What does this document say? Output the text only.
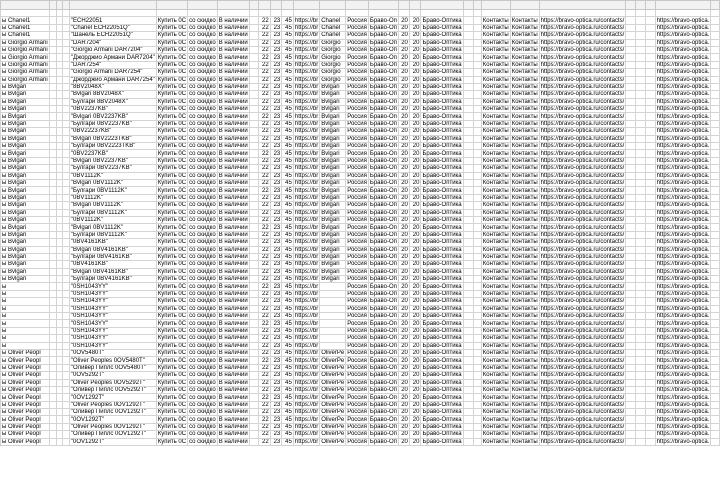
ы Chanel1				"ECH22051	Купить 0С	со скидко	В наличии		22	23	45	https://br	Chanel	Россия	Браво-Оп	20	20	Браво-Оптика			Контакты	Контакты	https://bravo-optica.ru/contacts/				https://bravo-optica.	
ы Chanel1				"Chanel ECH22051Q"	Купить 0С	со скидко	В наличии		22	23	45	https://br	Chanel	Россия	Браво-Оп	20	20	Браво-Оптика			Контакты	Контакты	https://bravo-optica.ru/contacts/				https://bravo-optica.	
ы Chanel1				"Шанель ECH22051Q"	Купить 0С	со скидко	В наличии		22	23	45	https://br	Chanel	Россия	Браво-Оп	20	20	Браво-Оптика			Контакты	Контакты	https://bravo-optica.ru/contacts/				https://bravo-optica.	
ы Giorgio Armani				"DAR7204"	Купить 0С	со скидко	В наличии		22	23	45	https://br	Giorgio	Россия	Браво-Оп	20	20	Браво-Оптика			Контакты	Контакты	https://bravo-optica.ru/contacts/				https://bravo-optica.	
ы Giorgio Armani				"Giorgio Armani DAR7204"	Купить 0С	со скидко	В наличии		22	23	45	https://br	Giorgio	Россия	Браво-Оп	20	20	Браво-Оптика			Контакты	Контакты	https://bravo-optica.ru/contacts/				https://bravo-optica.	
ы Giorgio Armani				"Джорджио Армани DAR7204"	Купить 0С	со скидко	В наличии		22	23	45	https://br	Giorgio	Россия	Браво-Оп	20	20	Браво-Оптика			Контакты	Контакты	https://bravo-optica.ru/contacts/				https://bravo-optica.	
ы Giorgio Armani				"DAR7254"	Купить 0С	со скидко	В наличии		22	23	45	https://br	Giorgio	Россия	Браво-Оп	20	20	Браво-Оптика			Контакты	Контакты	https://bravo-optica.ru/contacts/				https://bravo-optica.	
ы Giorgio Armani				"Giorgio Armani DAR7254"	Купить 0С	со скидко	В наличии		22	23	45	https://br	Giorgio	Россия	Браво-Оп	20	20	Браво-Оптика			Контакты	Контакты	https://bravo-optica.ru/contacts/				https://bravo-optica.	
ы Giorgio Armani				"Джорджио Армани DAR7254"	Купить 0С	со скидко	В наличии		22	23	45	https://br	Giorgio	Россия	Браво-Оп	20	20	Браво-Оптика			Контакты	Контакты	https://bravo-optica.ru/contacts/				https://bravo-optica.	
ы Bvlgari				"8BV2048X"	Купить 0С	со скидко	В наличии		22	23	45	https://br	Bvlgari	Россия	Браво-Оп	20	20	Браво-Оптика			Контакты	Контакты	https://bravo-optica.ru/contacts/				https://bravo-optica.	
ы Bvlgari				"Bvlgari 8BV2048X"	Купить 0С	со скидко	В наличии		22	23	45	https://br	Bvlgari	Россия	Браво-Оп	20	20	Браво-Оптика			Контакты	Контакты	https://bravo-optica.ru/contacts/				https://bravo-optica.	
ы Bvlgari				"Булгари 8BV2048X"	Купить 0С	со скидко	В наличии		22	23	45	https://br	Bvlgari	Россия	Браво-Оп	20	20	Браво-Оптика			Контакты	Контакты	https://bravo-optica.ru/contacts/				https://bravo-optica.	
ы Bvlgari				"0BV2237KB"	Купить 0С	со скидко	В наличии		22	23	45	https://br	Bvlgari	Россия	Браво-Оп	20	20	Браво-Оптика			Контакты	Контакты	https://bravo-optica.ru/contacts/				https://bravo-optica.	
ы Bvlgari				"Bvlgari 0BV2237KB"	Купить 0С	со скидко	В наличии		22	23	45	https://br	Bvlgari	Россия	Браво-Оп	20	20	Браво-Оптика			Контакты	Контакты	https://bravo-optica.ru/contacts/				https://bravo-optica.	
ы Bvlgari				"Булгари 0BV2237KB"	Купить 0С	со скидко	В наличии		22	23	45	https://br	Bvlgari	Россия	Браво-Оп	20	20	Браво-Оптика			Контакты	Контакты	https://bravo-optica.ru/contacts/				https://bravo-optica.	
ы Bvlgari				"0BV22237KB"	Купить 0С	со скидко	В наличии		22	23	45	https://br	Bvlgari	Россия	Браво-Оп	20	20	Браво-Оптика			Контакты	Контакты	https://bravo-optica.ru/contacts/				https://bravo-optica.	
ы Bvlgari				"Bvlgari 0BV2223TKB"	Купить 0С	со скидко	В наличии		22	23	45	https://br	Bvlgari	Россия	Браво-Оп	20	20	Браво-Оптика			Контакты	Контакты	https://bravo-optica.ru/contacts/				https://bravo-optica.	
ы Bvlgari				"Булгари 0BV2223TKB"	Купить 0С	со скидко	В наличии		22	23	45	https://br	Bvlgari	Россия	Браво-Оп	20	20	Браво-Оптика			Контакты	Контакты	https://bravo-optica.ru/contacts/				https://bravo-optica.	
ы Bvlgari				"0BV2237KB"	Купить 0С	со скидко	В наличии		22	23	45	https://br	Bvlgari	Россия	Браво-Оп	20	20	Браво-Оптика			Контакты	Контакты	https://bravo-optica.ru/contacts/				https://bravo-optica.	
ы Bvlgari				"Bvlgari 0BV2237KB"	Купить 0С	со скидко	В наличии		22	23	45	https://br	Bvlgari	Россия	Браво-Оп	20	20	Браво-Оптика			Контакты	Контакты	https://bravo-optica.ru/contacts/				https://bravo-optica.	
ы Bvlgari				"Булгари 0BV2237KB"	Купить 0С	со скидко	В наличии		22	23	45	https://br	Bvlgari	Россия	Браво-Оп	20	20	Браво-Оптика			Контакты	Контакты	https://bravo-optica.ru/contacts/				https://bravo-optica.	
ы Bvlgari				"0BV1112K"	Купить 0С	со скидко	В наличии		22	23	45	https://br	Bvlgari	Россия	Браво-Оп	20	20	Браво-Оптика			Контакты	Контакты	https://bravo-optica.ru/contacts/				https://bravo-optica.	
ы Bvlgari				"Bvlgari 0BV1112K"	Купить 0С	со скидко	В наличии		22	23	45	https://br	Bvlgari	Россия	Браво-Оп	20	20	Браво-Оптика			Контакты	Контакты	https://bravo-optica.ru/contacts/				https://bravo-optica.	
ы Bvlgari				"Булгари 0BV1112K"	Купить 0С	со скидко	В наличии		22	23	45	https://br	Bvlgari	Россия	Браво-Оп	20	20	Браво-Оптика			Контакты	Контакты	https://bravo-optica.ru/contacts/				https://bravo-optica.	
ы Bvlgari				"0BV1112K"	Купить 0С	со скидко	В наличии		22	23	45	https://br	Bvlgari	Россия	Браво-Оп	20	20	Браво-Оптика			Контакты	Контакты	https://bravo-optica.ru/contacts/				https://bravo-optica.	
ы Bvlgari				"Bvlgari 0BV1112K"	Купить 0С	со скидко	В наличии		22	23	45	https://br	Bvlgari	Россия	Браво-Оп	20	20	Браво-Оптика			Контакты	Контакты	https://bravo-optica.ru/contacts/				https://bravo-optica.	
ы Bvlgari				"Булгари 0BV1112K"	Купить 0С	со скидко	В наличии		22	23	45	https://br	Bvlgari	Россия	Браво-Оп	20	20	Браво-Оптика			Контакты	Контакты	https://bravo-optica.ru/contacts/				https://bravo-optica.	
ы Bvlgari				"0BV1112K"	Купить 0С	со скидко	В наличии		22	23	45	https://br	Bvlgari	Россия	Браво-Оп	20	20	Браво-Оптика			Контакты	Контакты	https://bravo-optica.ru/contacts/				https://bravo-optica.	
ы Bvlgari				"Bvlgari 0BV1112K"	Купить 0С	со скидко	В наличии		22	23	45	https://br	Bvlgari	Россия	Браво-Оп	20	20	Браво-Оптика			Контакты	Контакты	https://bravo-optica.ru/contacts/				https://bravo-optica.	
ы Bvlgari				"Булгари 0BV1112K"	Купить 0С	со скидко	В наличии		22	23	45	https://br	Bvlgari	Россия	Браво-Оп	20	20	Браво-Оптика			Контакты	Контакты	https://bravo-optica.ru/contacts/				https://bravo-optica.	
ы Bvlgari				"0BV4161KB"	Купить 0С	со скидко	В наличии		22	23	45	https://br	Bvlgari	Россия	Браво-Оп	20	20	Браво-Оптика			Контакты	Контакты	https://bravo-optica.ru/contacts/				https://bravo-optica.	
ы Bvlgari				"Bvlgari 0BV4161KB"	Купить 0С	со скидко	В наличии		22	23	45	https://br	Bvlgari	Россия	Браво-Оп	20	20	Браво-Оптика			Контакты	Контакты	https://bravo-optica.ru/contacts/				https://bravo-optica.	
ы Bvlgari				"Булгари 0BV4161KB"	Купить 0С	со скидко	В наличии		22	23	45	https://br	Bvlgari	Россия	Браво-Оп	20	20	Браво-Оптика			Контакты	Контакты	https://bravo-optica.ru/contacts/				https://bravo-optica.	
ы Bvlgari				"0BV4161KB"	Купить 0С	со скидко	В наличии		22	23	45	https://br	Bvlgari	Россия	Браво-Оп	20	20	Браво-Оптика			Контакты	Контакты	https://bravo-optica.ru/contacts/				https://bravo-optica.	
ы Bvlgari				"Bvlgari 0BV4161KB"	Купить 0С	со скидко	В наличии		22	23	45	https://br	Bvlgari	Россия	Браво-Оп	20	20	Браво-Оптика			Контакты	Контакты	https://bravo-optica.ru/contacts/				https://bravo-optica.	
ы Bvlgari				"Булгари 0BV4161KB"	Купить 0С	со скидко	В наличии		22	23	45	https://br	Bvlgari	Россия	Браво-Оп	20	20	Браво-Оптика			Контакты	Контакты	https://bravo-optica.ru/contacts/				https://bravo-optica.	
ы				"0SH1043YY"	Купить 0С	со скидко	В наличии		22	23	45	https://br		Россия	Браво-Оп	20	20	Браво-Оптика			Контакты	Контакты	https://bravo-optica.ru/contacts/				https://bravo-optica.	
ы				"0SH1043YY"	Купить 0С	со скидко	В наличии		22	23	45	https://br		Россия	Браво-Оп	20	20	Браво-Оптика			Контакты	Контакты	https://bravo-optica.ru/contacts/				https://bravo-optica.	
ы				"0SH1043YY"	Купить 0С	со скидко	В наличии		22	23	45	https://br		Россия	Браво-Оп	20	20	Браво-Оптика			Контакты	Контакты	https://bravo-optica.ru/contacts/				https://bravo-optica.	
ы				"0SH1043YY"	Купить 0С	со скидко	В наличии		22	23	45	https://br		Россия	Браво-Оп	20	20	Браво-Оптика			Контакты	Контакты	https://bravo-optica.ru/contacts/				https://bravo-optica.	
ы				"0SH1043YY"	Купить 0С	со скидко	В наличии		22	23	45	https://br		Россия	Браво-Оп	20	20	Браво-Оптика			Контакты	Контакты	https://bravo-optica.ru/contacts/				https://bravo-optica.	
ы				"0SH1043YY"	Купить 0С	со скидко	В наличии		22	23	45	https://br		Россия	Браво-Оп	20	20	Браво-Оптика			Контакты	Контакты	https://bravo-optica.ru/contacts/				https://bravo-optica.	
ы				"0SH1043YY"	Купить 0С	со скидко	В наличии		22	23	45	https://br		Россия	Браво-Оп	20	20	Браво-Оптика			Контакты	Контакты	https://bravo-optica.ru/contacts/				https://bravo-optica.	
ы				"0SH1043YY"	Купить 0С	со скидко	В наличии		22	23	45	https://br		Россия	Браво-Оп	20	20	Браво-Оптика			Контакты	Контакты	https://bravo-optica.ru/contacts/				https://bravo-optica.	
ы				"0SH1043YY"	Купить 0С	со скидко	В наличии		22	23	45	https://br		Россия	Браво-Оп	20	20	Браво-Оптика			Контакты	Контакты	https://bravo-optica.ru/contacts/				https://bravo-optica.	
ы Oliver Peopl				"0OV5480T"	Купить 0С	со скидко	В наличии		22	23	45	https://br	OliverPe	Россия	Браво-Оп	20	20	Браво-Оптика			Контакты	Контакты	https://bravo-optica.ru/contacts/				https://bravo-optica.	
ы Oliver Peopl				"Oliver Peoples 0OV5480T"	Купить 0С	со скидко	В наличии		22	23	45	https://br	OliverPe	Россия	Браво-Оп	20	20	Браво-Оптика			Контакты	Контакты	https://bravo-optica.ru/contacts/				https://bravo-optica.	
ы Oliver Peopl				"Оливер Пиплс 0OV5480T"	Купить 0С	со скидко	В наличии		22	23	45	https://br	OliverPe	Россия	Браво-Оп	20	20	Браво-Оптика			Контакты	Контакты	https://bravo-optica.ru/contacts/				https://bravo-optica.	
ы Oliver Peopl				"0OV5292T"	Купить 0С	со скидко	В наличии		22	23	45	https://br	OliverPe	Россия	Браво-Оп	20	20	Браво-Оптика			Контакты	Контакты	https://bravo-optica.ru/contacts/				https://bravo-optica.	
ы Oliver Peopl				"Oliver Peoples 0OV5292T"	Купить 0С	со скидко	В наличии		22	23	45	https://br	OliverPe	Россия	Браво-Оп	20	20	Браво-Оптика			Контакты	Контакты	https://bravo-optica.ru/contacts/				https://bravo-optica.	
ы Oliver Peopl				"Оливер Пиплс 0OV5292T"	Купить 0С	со скидко	В наличии		22	23	45	https://br	OliverPe	Россия	Браво-Оп	20	20	Браво-Оптика			Контакты	Контакты	https://bravo-optica.ru/contacts/				https://bravo-optica.	
ы Oliver Peopl				"0OV1292T"	Купить 0С	со скидко	В наличии		22	23	45	https://br	OliverPe	Россия	Браво-Оп	20	20	Браво-Оптика			Контакты	Контакты	https://bravo-optica.ru/contacts/				https://bravo-optica.	
ы Oliver Peopl				"Oliver Peoples 0OV1292T"	Купить 0С	со скидко	В наличии		22	23	45	https://br	OliverPe	Россия	Браво-Оп	20	20	Браво-Оптика			Контакты	Контакты	https://bravo-optica.ru/contacts/				https://bravo-optica.	
ы Oliver Peopl				"Оливер Пиплс 0OV1292T"	Купить 0С	со скидко	В наличии		22	23	45	https://br	OliverPe	Россия	Браво-Оп	20	20	Браво-Оптика			Контакты	Контакты	https://bravo-optica.ru/contacts/				https://bravo-optica.	
ы Oliver Peopl				"0OV1292T"	Купить 0С	со скидко	В наличии		22	23	45	https://br	OliverPe	Россия	Браво-Оп	20	20	Браво-Оптика			Контакты	Контакты	https://bravo-optica.ru/contacts/				https://bravo-optica.	
ы Oliver Peopl				"Oliver Peoples 0OV1292T"	Купить 0С	со скидко	В наличии		22	23	45	https://br	OliverPe	Россия	Браво-Оп	20	20	Браво-Оптика			Контакты	Контакты	https://bravo-optica.ru/contacts/				https://bravo-optica.	
ы Oliver Peopl				"Оливер Пиплс 0OV1292T"	Купить 0С	со скидко	В наличии		22	23	45	https://br	OliverPe	Россия	Браво-Оп	20	20	Браво-Оптика			Контакты	Контакты	https://bravo-optica.ru/contacts/				https://bravo-optica.	
ы Oliver Peopl				"0OV1292T"	Купить 0С	со скидко	В наличии		22	23	45	https://br	OliverPe	Россия	Браво-Оп	20	20	Браво-Оптика			Контакты	Контакты	https://bravo-optica.ru/contacts/				https://bravo-optica.	
